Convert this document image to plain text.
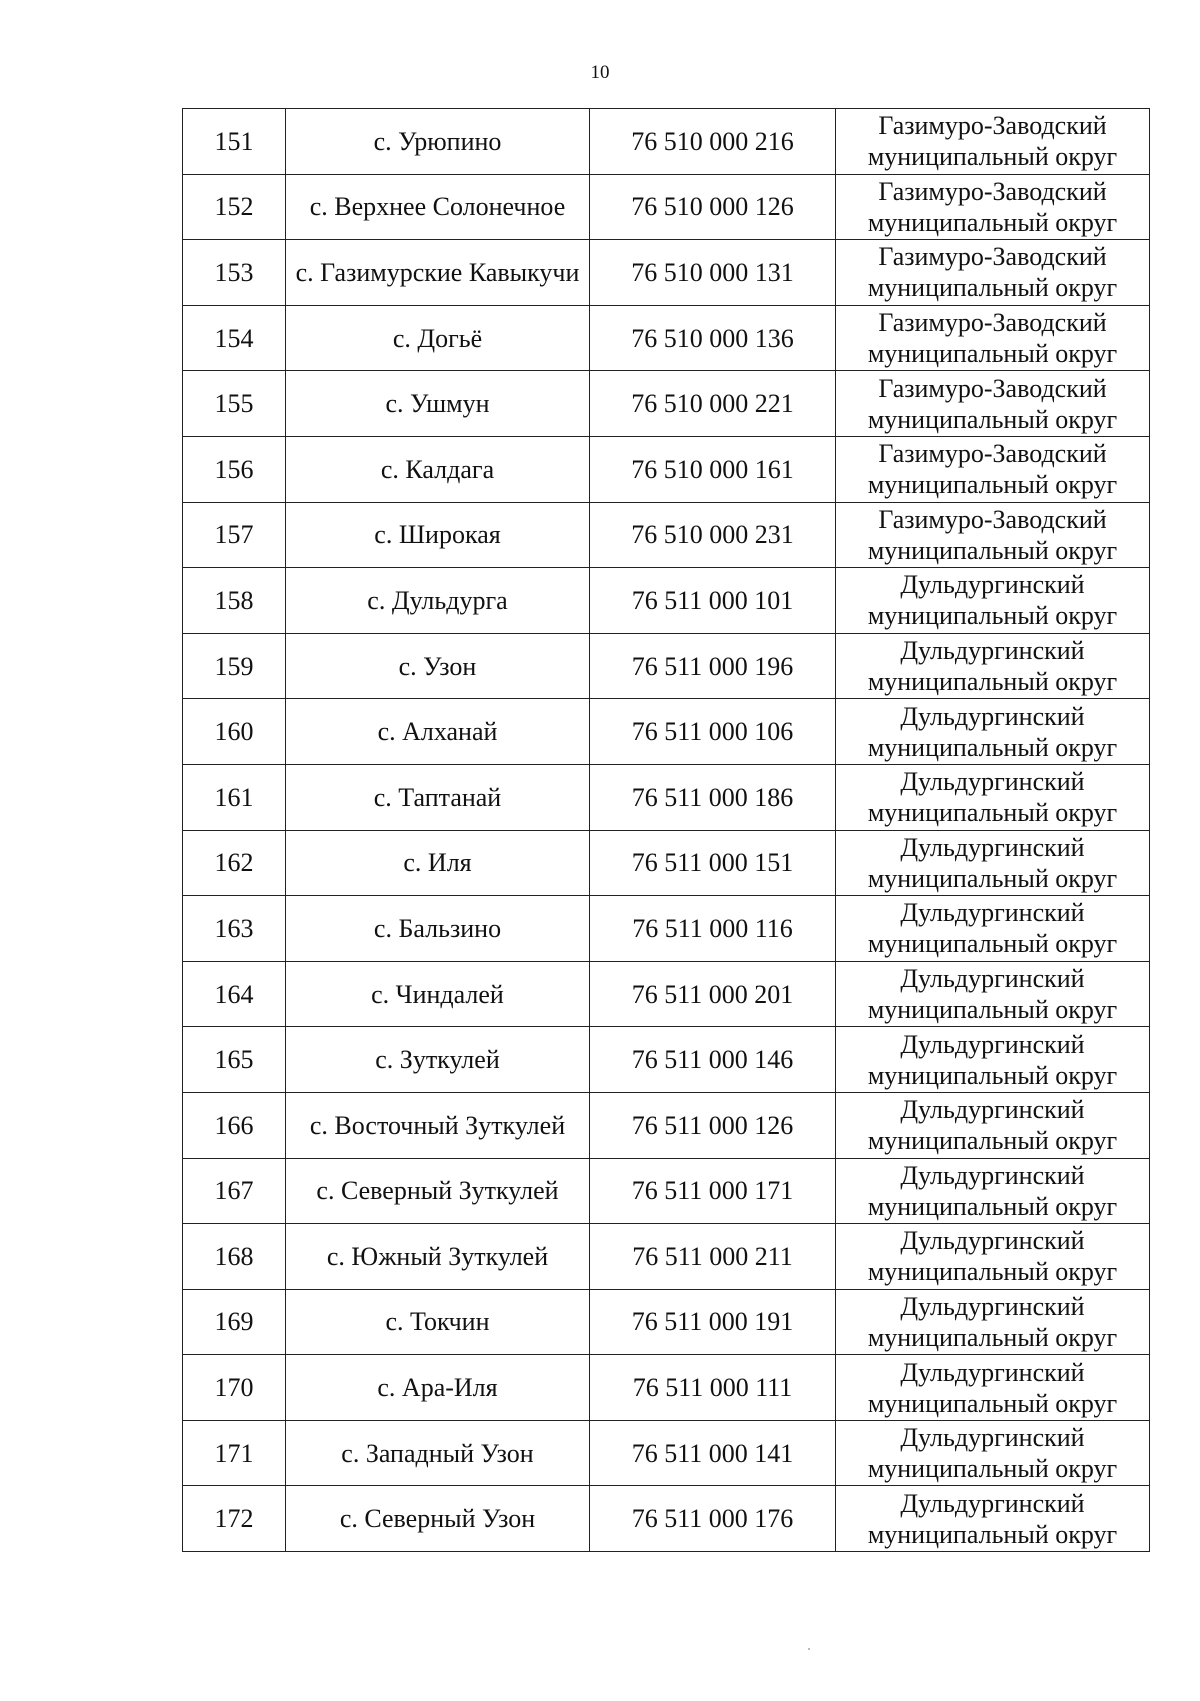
10
151	с. Урюпино	76 510 000 216	Газимуро-Заводский
муниципальный округ

152	с. Верхнее Солонечное	76 510 000 126	Газимуро-Заводский
муниципальный округ

153	с. Газимурские Кавыкучи	76 510 000 131	Газимуро-Заводский
муниципальный округ

154	с. Догьё	76 510 000 136	Газимуро-Заводский
муниципальный округ

155	с. Ушмун	76 510 000 221	Газимуро-Заводский
муниципальный округ

156	с. Калдага	76 510 000 161	Газимуро-Заводский
муниципальный округ

157	с. Широкая	76 510 000 231	Газимуро-Заводский
муниципальный округ

158	с. Дульдурга	76 511 000 101	Дульдургинский
муниципальный округ

159	с. Узон	76 511 000 196	Дульдургинский
муниципальный округ

160	с. Алханай	76 511 000 106	Дульдургинский
муниципальный округ

161	с. Таптанай	76 511 000 186	Дульдургинский
муниципальный округ

162	с. Иля	76 511 000 151	Дульдургинский
муниципальный округ

163	с. Бальзино	76 511 000 116	Дульдургинский
муниципальный округ

164	с. Чиндалей	76 511 000 201	Дульдургинский
муниципальный округ

165	с. Зуткулей	76 511 000 146	Дульдургинский
муниципальный округ

166	с. Восточный Зуткулей	76 511 000 126	Дульдургинский
муниципальный округ

167	с. Северный Зуткулей	76 511 000 171	Дульдургинский
муниципальный округ

168	с. Южный Зуткулей	76 511 000 211	Дульдургинский
муниципальный округ

169	с. Токчин	76 511 000 191	Дульдургинский
муниципальный округ

170	с. Ара-Иля	76 511 000 111	Дульдургинский
муниципальный округ

171	с. Западный Узон	76 511 000 141	Дульдургинский
муниципальный округ

172	с. Северный Узон	76 511 000 176	Дульдургинский
муниципальный округ
